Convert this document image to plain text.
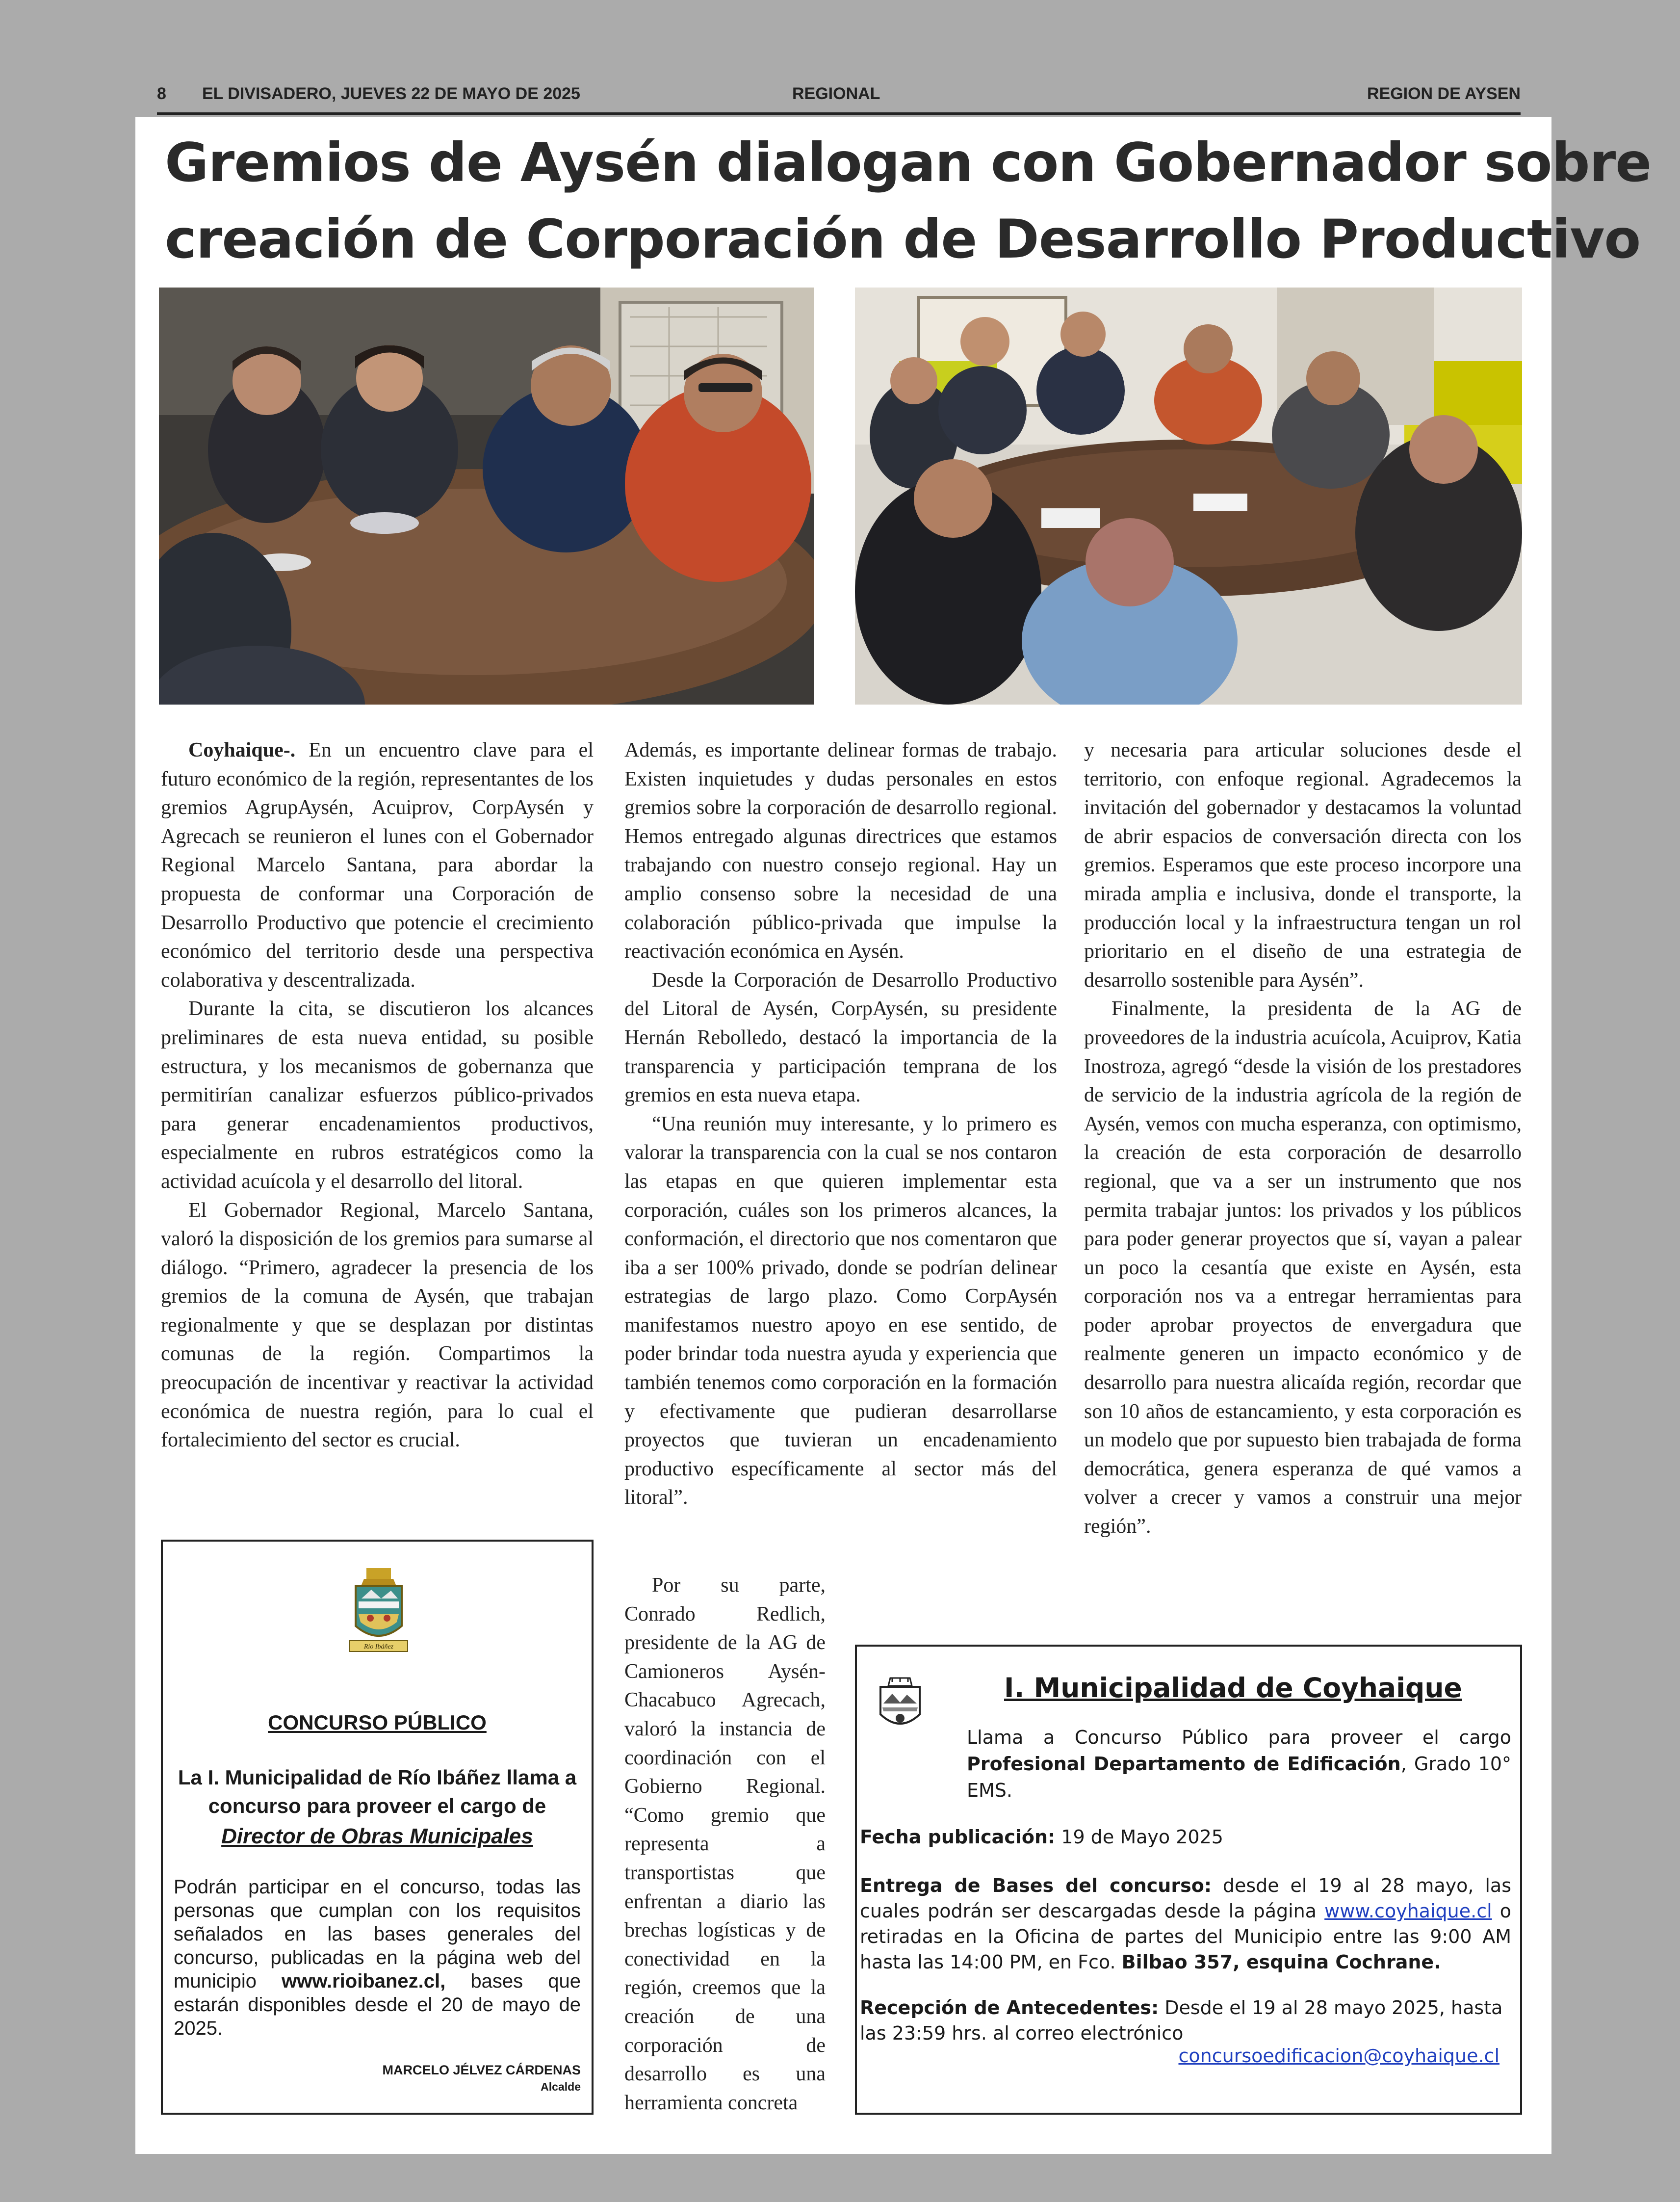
8 EL DIVISADERO, JUEVES 22 DE MAYO DE 2025	REGIONAL	REGION DE AYSEN
Gremios de Aysén dialogan con Gobernador sobre
creación de Corporación de Desarrollo Productivo

Coyhaique-. En un encuentro clave para el futuro económico de la región, representantes de los gremios AgrupAysén, Acuiprov, CorpAysén y Agrecach se reunieron el lunes con el Gobernador Regional Marcelo Santana, para abordar la propuesta de conformar una Corporación de Desarrollo Productivo que potencie el crecimiento económico del territorio desde una perspectiva colaborativa y descentralizada.

Durante la cita, se discutieron los alcances preliminares de esta nueva entidad, su posible estructura, y los mecanismos de gobernanza que permitirían canalizar esfuerzos público-privados para generar encadenamientos productivos, especialmente en rubros estratégicos como la actividad acuícola y el desarrollo del litoral.

El Gobernador Regional, Marcelo Santana, valoró la disposición de los gremios para sumarse al diálogo. “Primero, agradecer la presencia de los gremios de la comuna de Aysén, que trabajan regionalmente y que se desplazan por distintas comunas de la región. Compartimos la preocupación de incentivar y reactivar la actividad económica de nuestra región, para lo cual el fortalecimiento del sector es crucial.

Además, es importante delinear formas de trabajo. Existen inquietudes y dudas personales en estos gremios sobre la corporación de desarrollo regional. Hemos entregado algunas directrices que estamos trabajando con nuestro consejo regional. Hay un amplio consenso sobre la necesidad de una colaboración público-privada que impulse la reactivación económica en Aysén.

Desde la Corporación de Desarrollo Productivo del Litoral de Aysén, CorpAysén, su presidente Hernán Rebolledo, destacó la importancia de la transparencia y participación temprana de los gremios en esta nueva etapa.

“Una reunión muy interesante, y lo primero es valorar la transparencia con la cual se nos contaron las etapas en que quieren implementar esta corporación, cuáles son los primeros alcances, la conformación, el directorio que nos comentaron que iba a ser 100% privado, donde se podrían delinear estrategias de largo plazo. Como CorpAysén manifestamos nuestro apoyo en ese sentido, de poder brindar toda nuestra ayuda y experiencia que también tenemos como corporación en la formación y efectivamente que pudieran desarrollarse proyectos que tuvieran un encadenamiento productivo específicamente al sector más del litoral”.

Por su parte, Conrado Redlich, presidente de la AG de Camioneros Aysén-Chacabuco Agrecach, valoró la instancia de coordinación con el Gobierno Regional. “Como gremio que representa a transportistas que enfrentan a diario las brechas logísticas y de conectividad en la región, creemos que la creación de una corporación de desarrollo es una herramienta concreta

y necesaria para articular soluciones desde el territorio, con enfoque regional. Agradecemos la invitación del gobernador y destacamos la voluntad de abrir espacios de conversación directa con los gremios. Esperamos que este proceso incorpore una mirada amplia e inclusiva, donde el transporte, la producción local y la infraestructura tengan un rol prioritario en el diseño de una estrategia de desarrollo sostenible para Aysén”.

Finalmente, la presidenta de la AG de proveedores de la industria acuícola, Acuiprov, Katia Inostroza, agregó “desde la visión de los prestadores de servicio de la industria agrícola de la región de Aysén, vemos con mucha esperanza, con optimismo, la creación de esta corporación de desarrollo regional, que va a ser un instrumento que nos permita trabajar juntos: los privados y los públicos para poder generar proyectos que sí, vayan a palear un poco la cesantía que existe en Aysén, esta corporación nos va a entregar herramientas para poder aprobar proyectos de envergadura que realmente generen un impacto económico y de desarrollo para nuestra alicaída región, recordar que son 10 años de estancamiento, y esta corporación es un modelo que por supuesto bien trabajada de forma democrática, genera esperanza de qué vamos a volver a crecer y vamos a construir una mejor región”.

Río Ibáñez
CONCURSO PÚBLICO
La I. Municipalidad de Río Ibáñez llama a concurso para proveer el cargo de
Director de Obras Municipales
Podrán participar en el concurso, todas las personas que cumplan con los requisitos señalados en las bases generales del concurso, publicadas en la página web del municipio www.rioibanez.cl, bases que estarán disponibles desde el 20 de mayo de 2025.
MARCELO JÉLVEZ CÁRDENAS
Alcalde
I. Municipalidad de Coyhaique
Llama a Concurso Público para proveer el cargo Profesional Departamento de Edificación, Grado 10° EMS.
Fecha publicación: 19 de Mayo 2025
Entrega de Bases del concurso: desde el 19 al 28 mayo, las cuales podrán ser descargadas desde la página www.coyhaique.cl o retiradas en la Oficina de partes del Municipio entre las 9:00 AM hasta las 14:00 PM, en Fco. Bilbao 357, esquina Cochrane.
Recepción de Antecedentes: Desde el 19 al 28 mayo 2025, hasta las 23:59 hrs. al correo electrónico
concursoedificacion@coyhaique.cl
